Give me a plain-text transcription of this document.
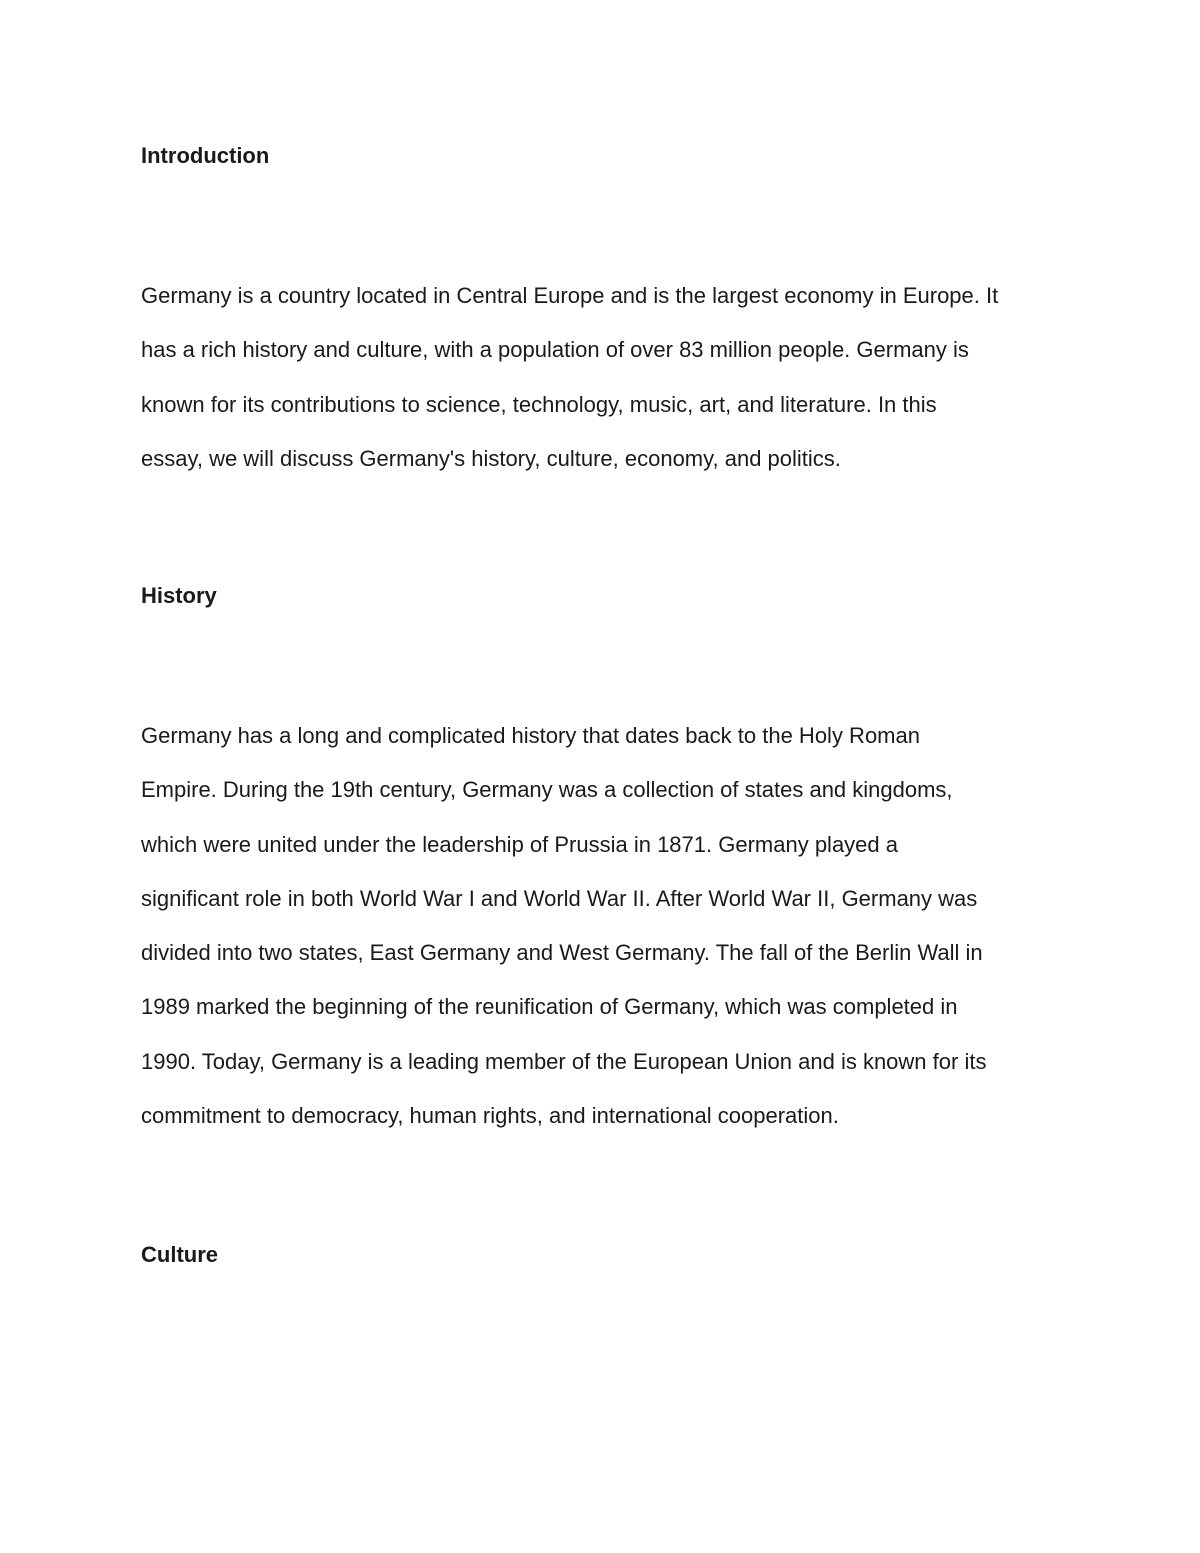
Introduction
Germany is a country located in Central Europe and is the largest economy in Europe. It
has a rich history and culture, with a population of over 83 million people. Germany is
known for its contributions to science, technology, music, art, and literature. In this
essay, we will discuss Germany's history, culture, economy, and politics.
History
Germany has a long and complicated history that dates back to the Holy Roman
Empire. During the 19th century, Germany was a collection of states and kingdoms,
which were united under the leadership of Prussia in 1871. Germany played a
significant role in both World War I and World War II. After World War II, Germany was
divided into two states, East Germany and West Germany. The fall of the Berlin Wall in
1989 marked the beginning of the reunification of Germany, which was completed in
1990. Today, Germany is a leading member of the European Union and is known for its
commitment to democracy, human rights, and international cooperation.
Culture
